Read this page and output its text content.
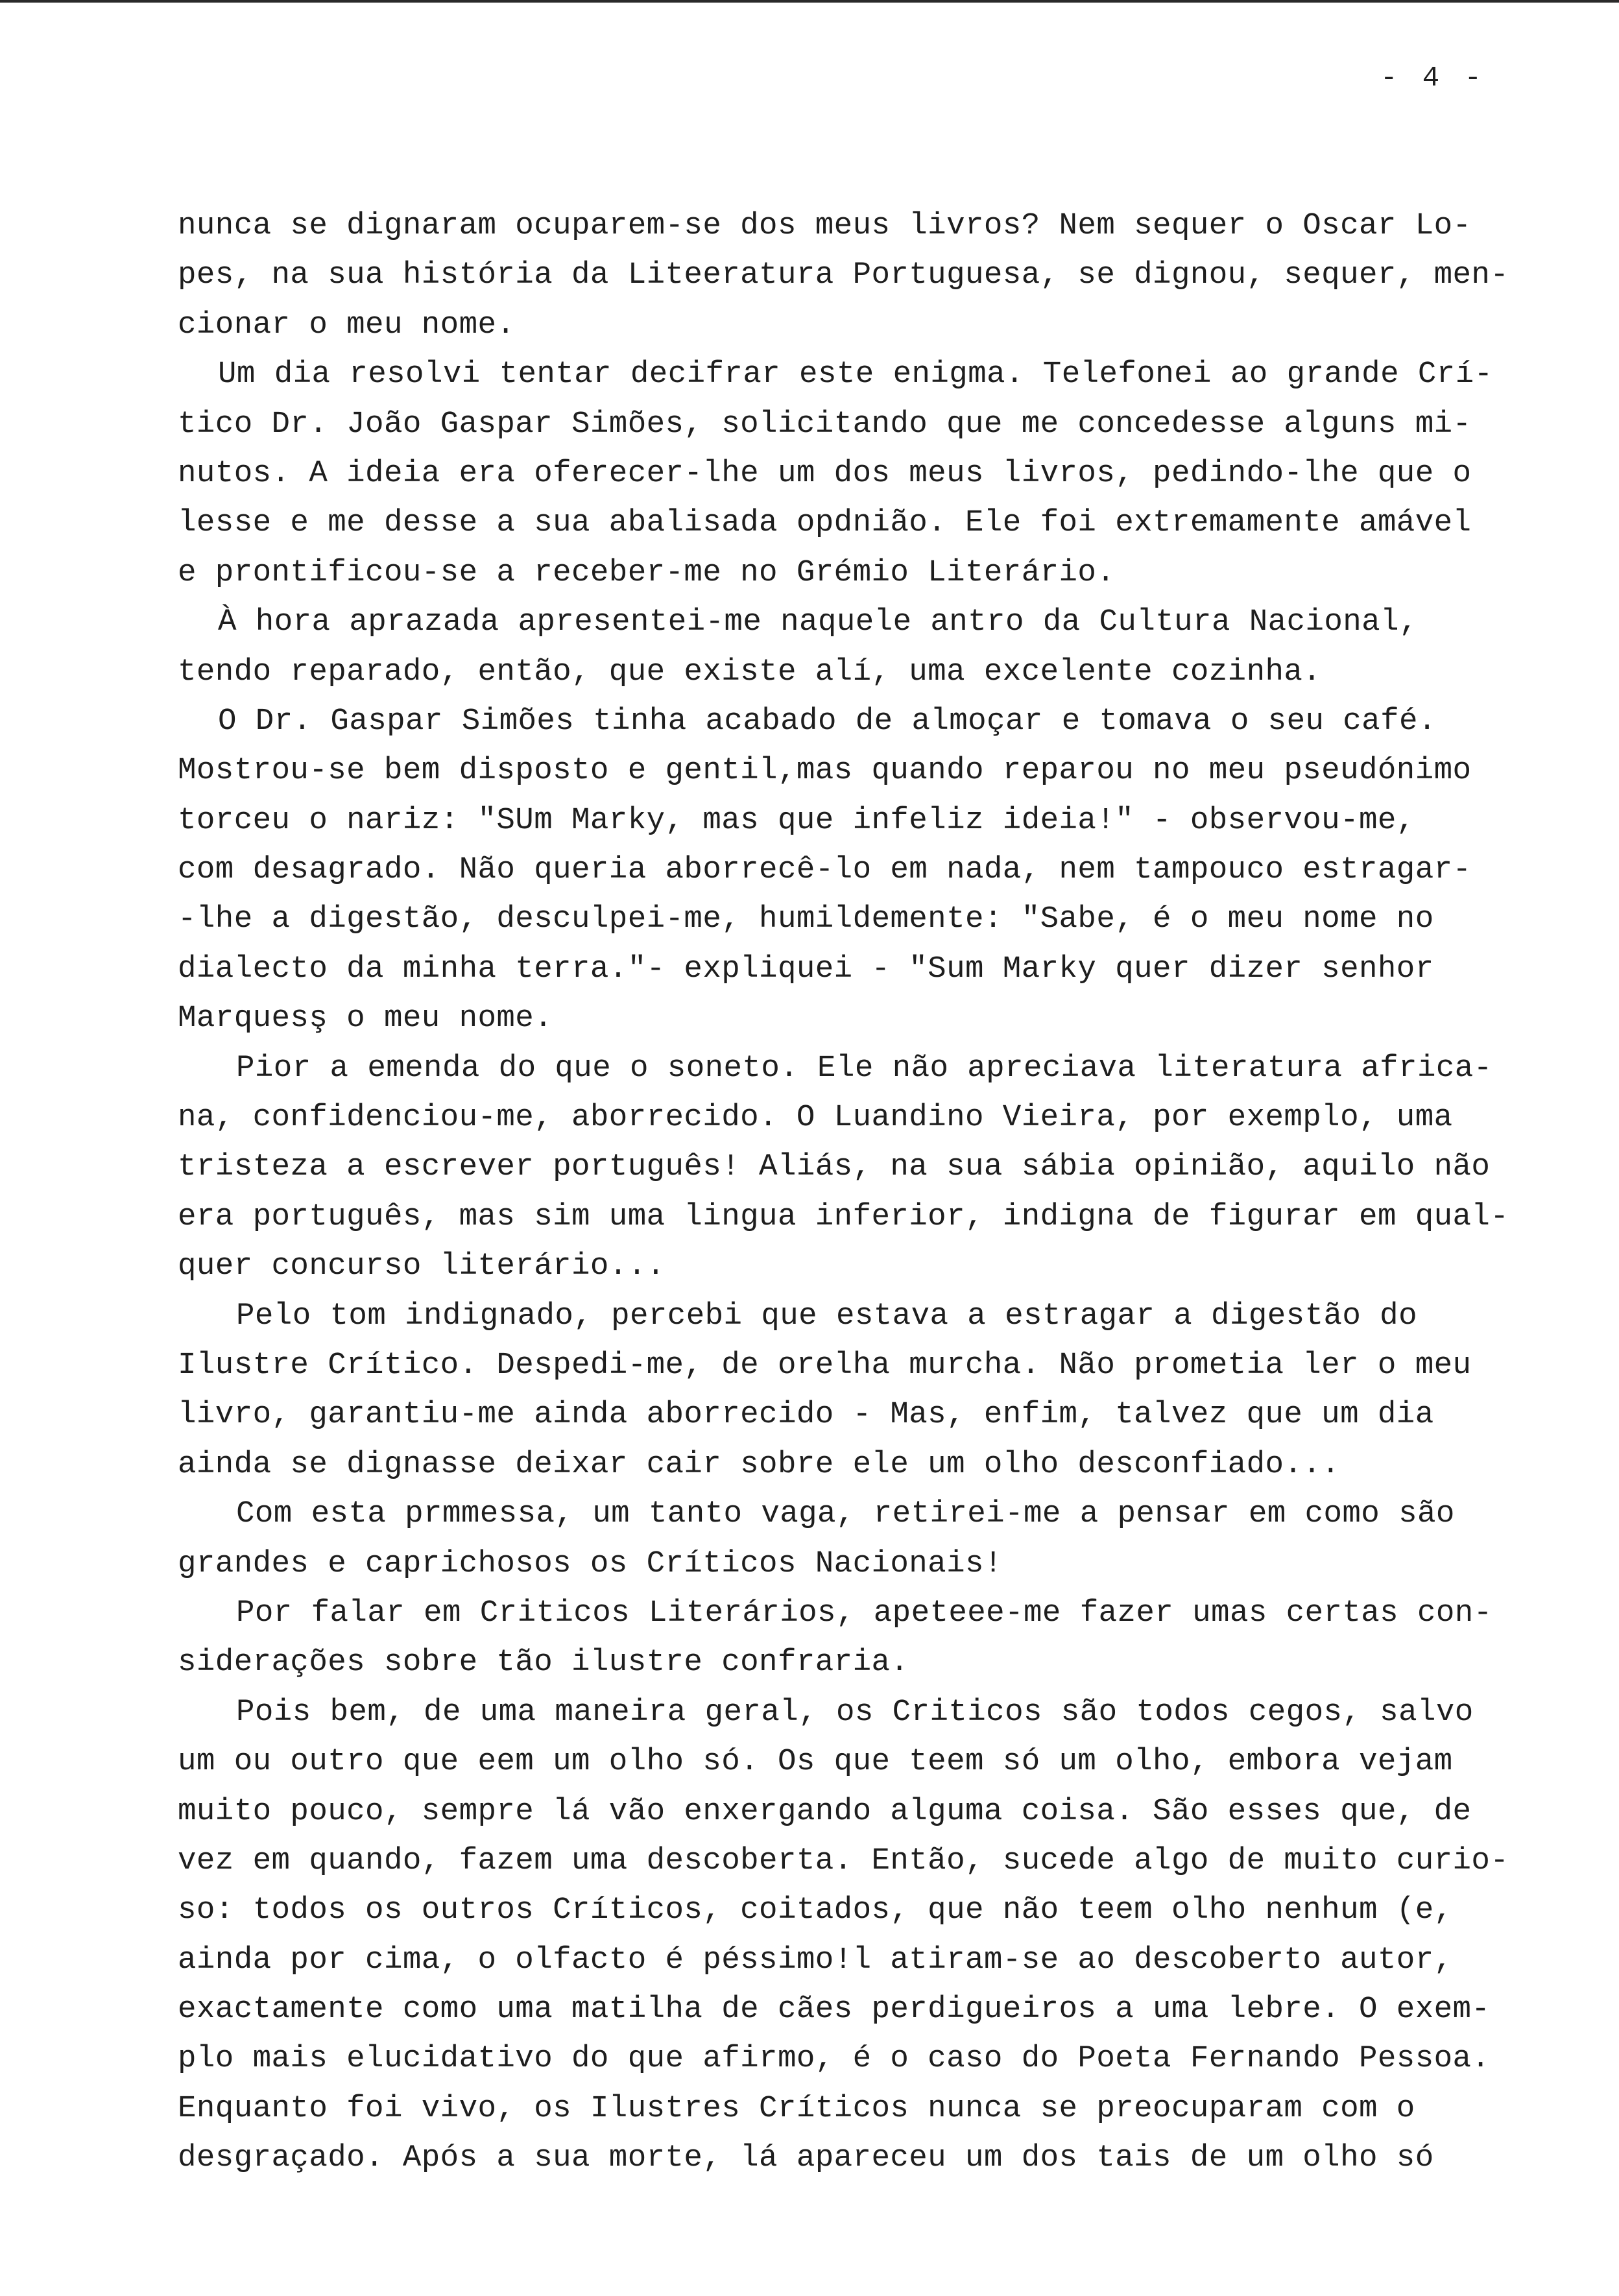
- 4 -
nunca se dignaram ocuparem-se dos meus livros? Nem sequer o Oscar Lo-
pes, na sua história da Liteeratura Portuguesa, se dignou, sequer, men-
cionar o meu nome.
Um dia resolvi tentar decifrar este enigma. Telefonei ao grande Crí-
tico Dr. João Gaspar Simões, solicitando que me concedesse alguns mi-
nutos. A ideia era oferecer-lhe um dos meus livros, pedindo-lhe que o
lesse e me desse a sua abalisada opdnião. Ele foi extremamente amável
e prontificou-se a receber-me no Grémio Literário.
À hora aprazada apresentei-me naquele antro da Cultura Nacional,
tendo reparado, então, que existe alí, uma excelente cozinha.
O Dr. Gaspar Simões tinha acabado de almoçar e tomava o seu café.
Mostrou-se bem disposto e gentil,mas quando reparou no meu pseudónimo
torceu o nariz: "SUm Marky, mas que infeliz ideia!" - observou-me,
com desagrado. Não queria aborrecê-lo em nada, nem tampouco estragar-
-lhe a digestão, desculpei-me, humildemente: "Sabe, é o meu nome no
dialecto da minha terra."- expliquei - "Sum Marky quer dizer senhor
Marquesş o meu nome.
Pior a emenda do que o soneto. Ele não apreciava literatura africa-
na, confidenciou-me, aborrecido. O Luandino Vieira, por exemplo, uma
tristeza a escrever português! Aliás, na sua sábia opinião, aquilo não
era português, mas sim uma lingua inferior, indigna de figurar em qual-
quer concurso literário...
Pelo tom indignado, percebi que estava a estragar a digestão do
Ilustre Crítico. Despedi-me, de orelha murcha. Não prometia ler o meu
livro, garantiu-me ainda aborrecido - Mas, enfim, talvez que um dia
ainda se dignasse deixar cair sobre ele um olho desconfiado...
Com esta prmmessa, um tanto vaga, retirei-me a pensar em como são
grandes e caprichosos os Críticos Nacionais!
Por falar em Criticos Literários, apeteee-me fazer umas certas con-
siderações sobre tão ilustre confraria.
Pois bem, de uma maneira geral, os Criticos são todos cegos, salvo
um ou outro que eem um olho só. Os que teem só um olho, embora vejam
muito pouco, sempre lá vão enxergando alguma coisa. São esses que, de
vez em quando, fazem uma descoberta. Então, sucede algo de muito curio-
so: todos os outros Críticos, coitados, que não teem olho nenhum (e,
ainda por cima, o olfacto é péssimo!l atiram-se ao descoberto autor,
exactamente como uma matilha de cães perdigueiros a uma lebre. O exem-
plo mais elucidativo do que afirmo, é o caso do Poeta Fernando Pessoa.
Enquanto foi vivo, os Ilustres Críticos nunca se preocuparam com o
desgraçado. Após a sua morte, lá apareceu um dos tais de um olho só
